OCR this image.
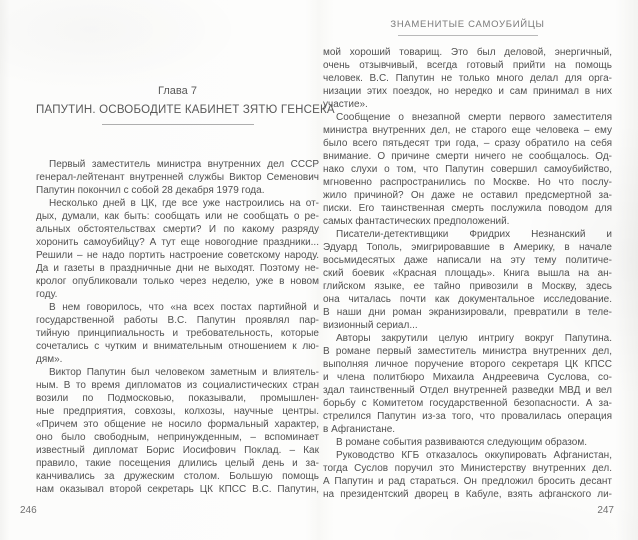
Глава 7
ПАПУТИН. ОСВОБОДИТЕ КАБИНЕТ ЗЯТЮ ГЕНСЕКА
Первый заместитель министра внутренних дел СССР
генерал-лейтенант внутренней службы Виктор Семенович
Папутин покончил с собой 28 декабря 1979 года.
Несколько дней в ЦК, где все уже настроились на от-
дых, думали, как быть: сообщать или не сообщать о ре-
альных обстоятельствах смерти? И по какому разряду
хоронить самоубийцу? А тут еще новогодние праздники...
Решили – не надо портить настроение советскому народу.
Да и газеты в праздничные дни не выходят. Поэтому не-
кролог опубликовали только через неделю, уже в новом
году.
В нем говорилось, что «на всех постах партийной и
государственной работы В.С. Папутин проявлял пар-
тийную принципиальность и требовательность, которые
сочетались с чутким и внимательным отношением к лю-
дям».
Виктор Папутин был человеком заметным и влиятель-
ным. В то время дипломатов из социалистических стран
возили по Подмосковью, показывали, промышлен-
ные предприятия, совхозы, колхозы, научные центры.
«Причем это общение не носило формальный характер,
оно было свободным, непринужденным, – вспоминает
известный дипломат Борис Иосифович Поклад. – Как
правило, такие посещения длились целый день и за-
канчивались за дружеским столом. Большую помощь
нам оказывал второй секретарь ЦК КПСС В.С. Папутин,
246
ЗНАМЕНИТЫЕ САМОУБИЙЦЫ
мой хороший товарищ. Это был деловой, энергичный,
очень отзывчивый, всегда готовый прийти на помощь
человек. В.С. Папутин не только много делал для орга-
низации этих поездок, но нередко и сам принимал в них
участие».
Сообщение о внезапной смерти первого заместителя
министра внутренних дел, не старого еще человека – ему
было всего пятьдесят три года, – сразу обратило на себя
внимание. О причине смерти ничего не сообщалось. Од-
нако слухи о том, что Папутин совершил самоубийство,
мгновенно распространились по Москве. Но что послу-
жило причиной? Он даже не оставил предсмертной за-
писки. Его таинственная смерть послужила поводом для
самых фантастических предположений.
Писатели-детективщики Фридрих Незнанский и
Эдуард Тополь, эмигрировавшие в Америку, в начале
восьмидесятых даже написали на эту тему политиче-
ский боевик «Красная площадь». Книга вышла на ан-
глийском языке, ее тайно привозили в Москву, здесь
она читалась почти как документальное исследование.
В наши дни роман экранизировали, превратили в теле-
визионный сериал...
Авторы закрутили целую интригу вокруг Папутина.
В романе первый заместитель министра внутренних дел,
выполняя личное поручение второго секретаря ЦК КПСС
и члена политбюро Михаила Андреевича Суслова, со-
здал таинственный Отдел внутренней разведки МВД и вел
борьбу с Комитетом государственной безопасности. А за-
стрелился Папутин из-за того, что провалилась операция
в Афганистане.
В романе события развиваются следующим образом.
Руководство КГБ отказалось оккупировать Афганистан,
тогда Суслов поручил это Министерству внутренних дел.
А Папутин и рад стараться. Он предложил бросить десант
на президентский дворец в Кабуле, взять афганского ли-
247
